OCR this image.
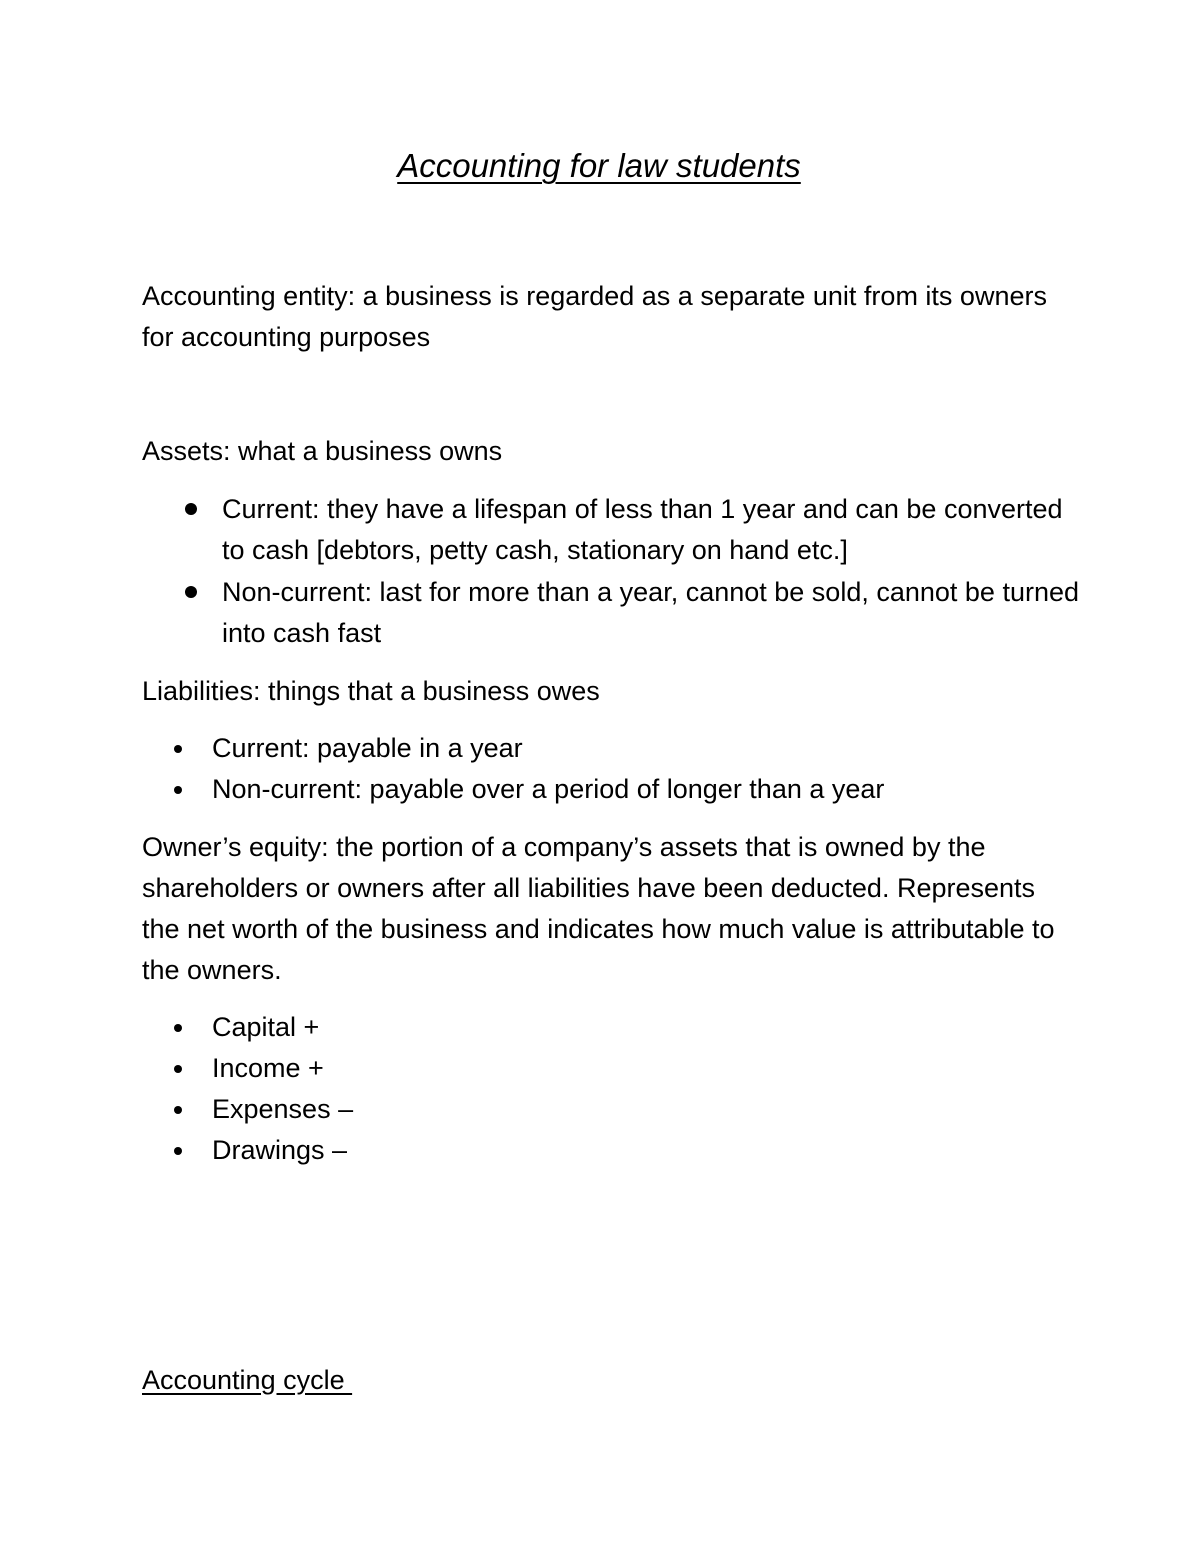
Accounting for law students

Accounting entity: a business is regarded as a separate unit from its owners for accounting purposes

Assets: what a business owns

Current: they have a lifespan of less than 1 year and can be converted to cash [debtors, petty cash, stationary on hand etc.]
Non-current: last for more than a year, cannot be sold, cannot be turned into cash fast

Liabilities: things that a business owes

Current: payable in a year
Non-current: payable over a period of longer than a year

Owner’s equity: the portion of a company’s assets that is owned by the shareholders or owners after all liabilities have been deducted. Represents the net worth of the business and indicates how much value is attributable to the owners.

Capital +
Income +
Expenses –
Drawings –
Accounting cycle
